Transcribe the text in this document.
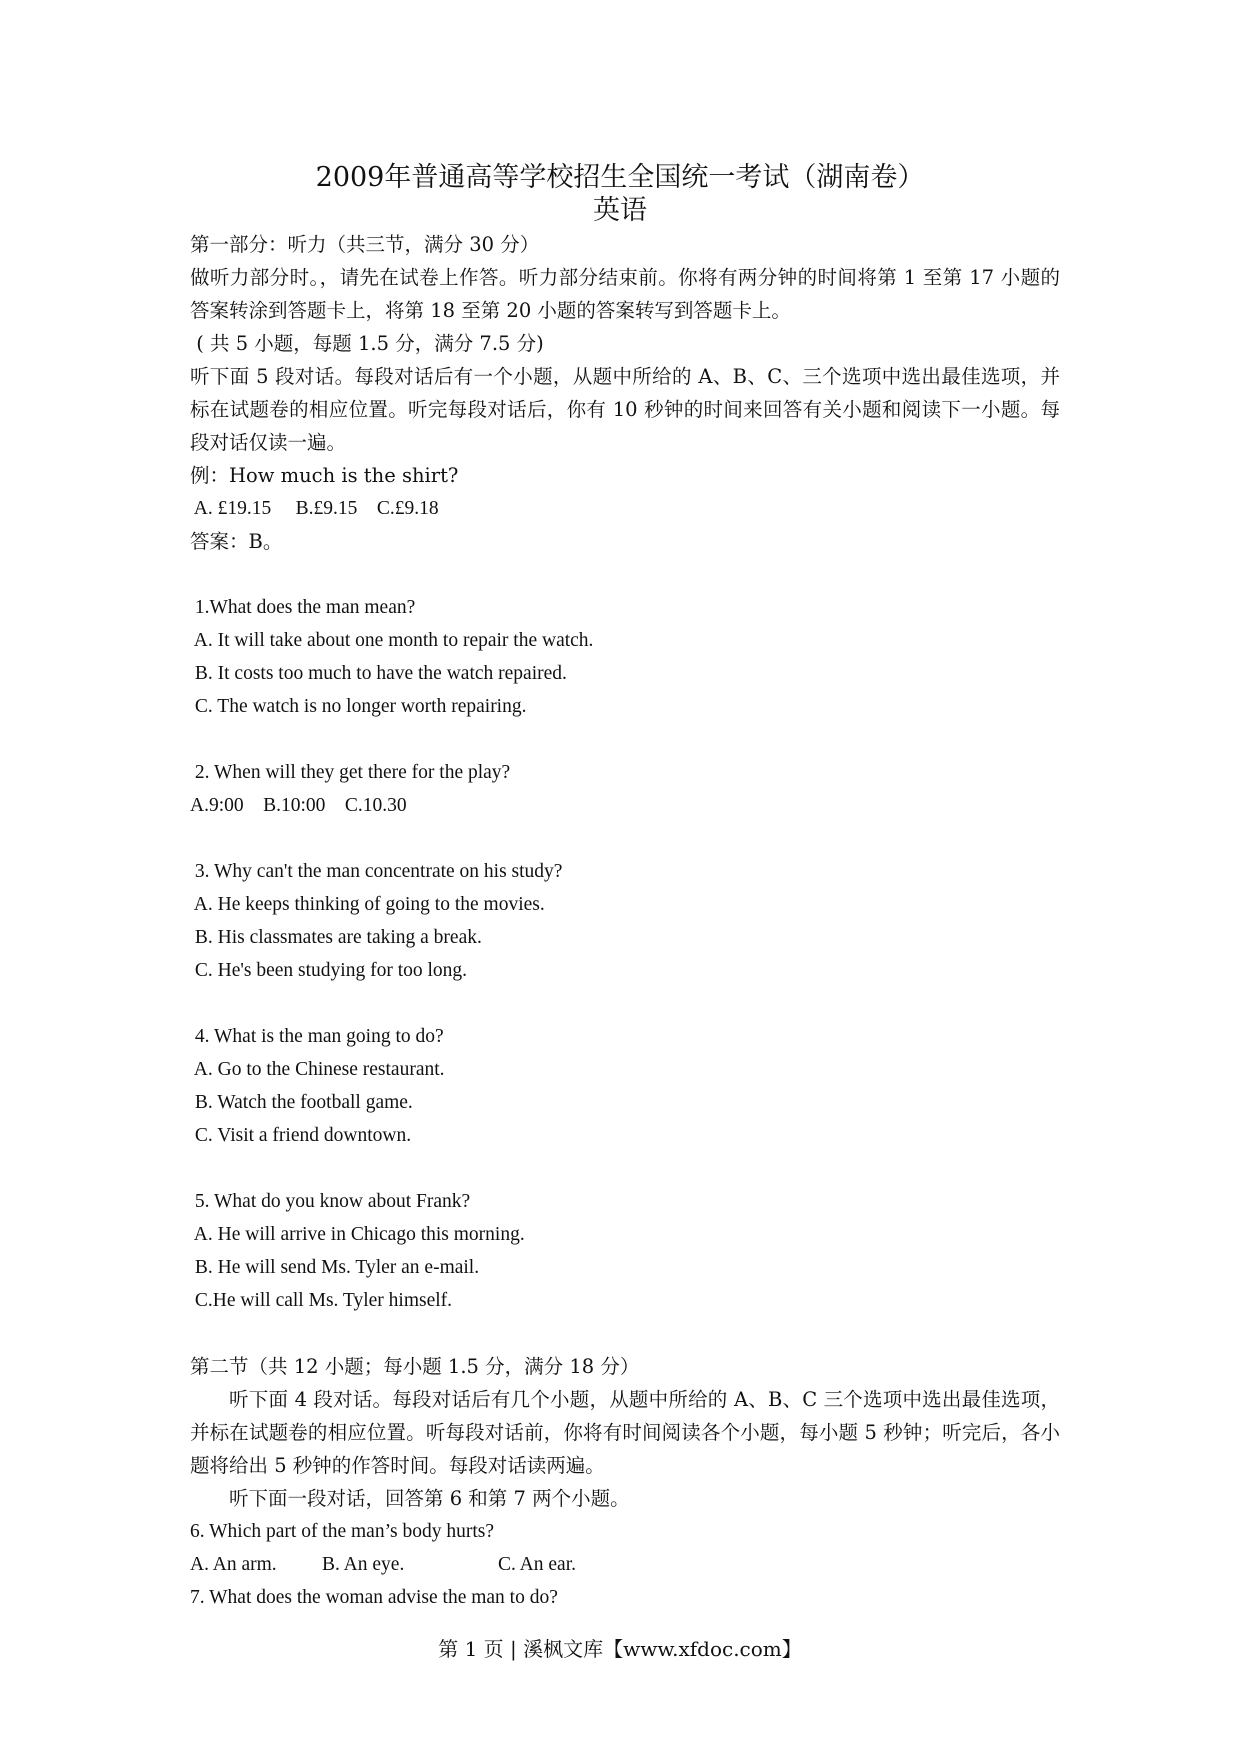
2009年普通高等学校招生全国统一考试（湖南卷）
英语
第一部分：听力（共三节，满分 30 分）
做听力部分时。，请先在试卷上作答。听力部分结束前。你将有两分钟的时间将第 1 至第 17 小题的答案转涂到答题卡上，将第 18 至第 20 小题的答案转写到答题卡上。
( 共 5 小题，每题 1.5 分，满分 7.5 分)
听下面 5 段对话。每段对话后有一个小题，从题中所给的 A、B、C、三个选项中选出最佳选项，并标在试题卷的相应位置。听完每段对话后，你有 10 秒钟的时间来回答有关小题和阅读下一小题。每段对话仅读一遍。
例：How much is the shirt?
A. £19.15     B.£9.15    C.£9.18
答案：B。
1.What does the man mean?
A. It will take about one month to repair the watch.
B. It costs too much to have the watch repaired.
C. The watch is no longer worth repairing.
2. When will they get there for the play?
A.9:00    B.10:00    C.10.30
3. Why can't the man concentrate on his study?
A. He keeps thinking of going to the movies.
B. His classmates are taking a break.
C. He's been studying for too long.
4. What is the man going to do?
A. Go to the Chinese restaurant.
B. Watch the football game.
C. Visit a friend downtown.
5. What do you know about Frank?
A. He will arrive in Chicago this morning.
B. He will send Ms. Tyler an e-mail.
C.He will call Ms. Tyler himself.
第二节（共 12 小题；每小题 1.5 分，满分 18 分）
听下面 4 段对话。每段对话后有几个小题，从题中所给的 A、B、C 三个选项中选出最佳选项，并标在试题卷的相应位置。听每段对话前，你将有时间阅读各个小题，每小题 5 秒钟；听完后，各小题将给出 5 秒钟的作答时间。每段对话读两遍。
听下面一段对话，回答第 6 和第 7 两个小题。
6. Which part of the man’s body hurts?
A. An arm. B. An eye.	C. An ear.
7. What does the woman advise the man to do?
第 1 页 | 溪枫文库【www.xfdoc.com】
